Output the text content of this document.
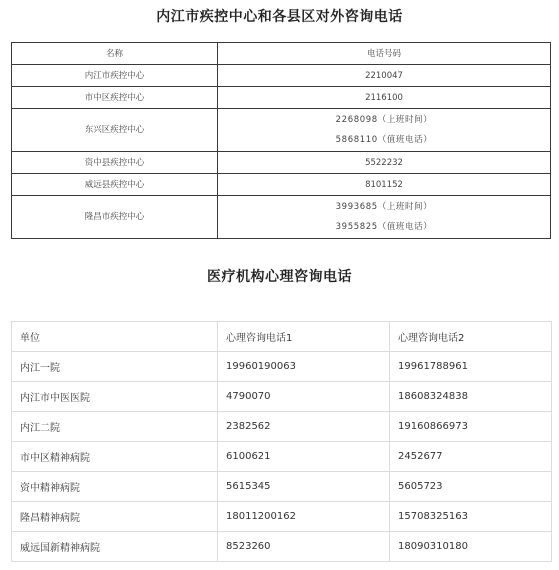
内江市疾控中心和各县区对外咨询电话
名称	电话号码
内江市疾控中心	2210047
市中区疾控中心	2116100
东兴区疾控中心	2268098（上班时间）
5868110（值班电话）

资中县疾控中心	5522232
威远县疾控中心	8101152
隆昌市疾控中心	3993685（上班时间）
3955825（值班电话）
医疗机构心理咨询电话
单位	心理咨询电话1	心理咨询电话2
内江一院	19960190063	19961788961
内江市中医医院	4790070	18608324838
内江二院	2382562	19160866973
市中区精神病院	6100621	2452677
资中精神病院	5615345	5605723
隆昌精神病院	18011200162	15708325163
威远国新精神病院	8523260	18090310180
